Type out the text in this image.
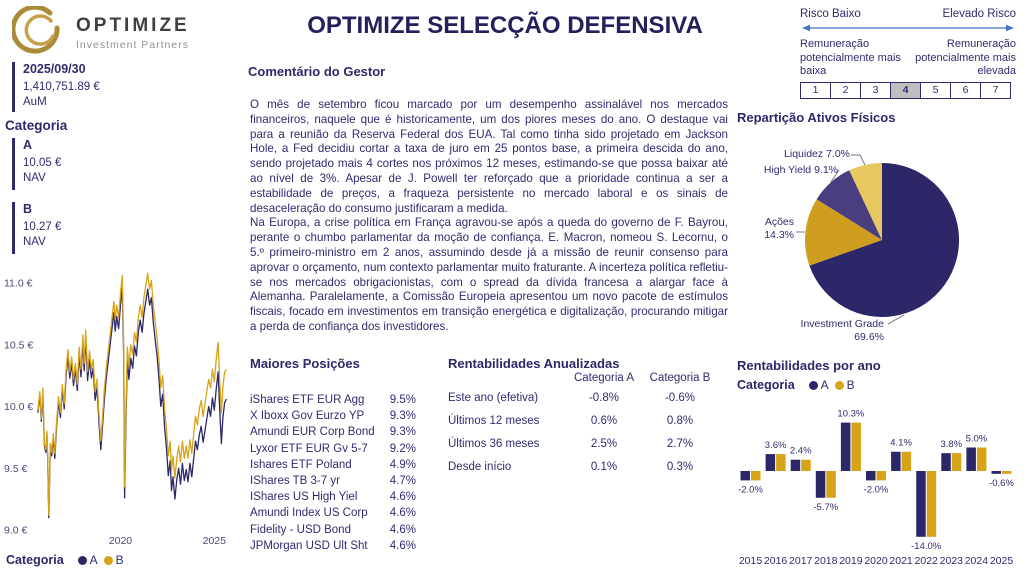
OPTIMIZE
Investment Partners
2025/09/30
1,410,751.89 €
AuM
Categoria
A
10.05 €
NAV
B
10.27 €
NAV
11.0 €
10.5 €
10.0 €
9.5 €
9.0 €
2020	2025
Categoria A B
OPTIMIZE SELECÇÃO DEFENSIVA
Comentário do Gestor

O mês de setembro ficou marcado por um desempenho assinalável nos mercados financeiros, naquele que é historicamente, um dos piores meses do ano. O destaque vai para a reunião da Reserva Federal dos EUA. Tal como tinha sido projetado em Jackson Hole, a Fed decidiu cortar a taxa de juro em 25 pontos base, a primeira descida do ano, sendo projetado mais 4 cortes nos próximos 12 meses, estimando-se que possa baixar até ao nível de 3%. Apesar de J. Powell ter reforçado que a prioridade continua a ser a estabilidade de preços, a fraqueza persistente no mercado laboral e os sinais de desaceleração do consumo justificaram a medida.

Na Europa, a crise política em França agravou-se após a queda do governo de F. Bayrou, perante o chumbo parlamentar da moção de confiança. E. Macron, nomeou S. Lecornu, o 5.º primeiro-ministro em 2 anos, assumindo desde já a missão de reunir consenso para aprovar o orçamento, num contexto parlamentar muito fraturante. A incerteza política refletiu-se nos mercados obrigacionistas, com o spread da dívida francesa a alargar face à Alemanha. Paralelamente, a Comissão Europeia apresentou um novo pacote de estímulos fiscais, focado em investimentos em transição energética e digitalização, procurando mitigar a perda de confiança dos investidores.

Maiores Posições
iShares ETF EUR Agg 9.5%
X Iboxx Gov Eurzo YP 9.3%
Amundi EUR Corp Bond 9.3%
Lyxor ETF EUR Gv 5-7 9.2%
Ishares ETF Poland	4.9%
IShares TB 3-7 yr	4.7%
IShares US High Yiel	4.6%
Amundi Index US Corp 4.6%
Fidelity - USD Bond	4.6%
JPMorgan USD Ult Sht 4.6%
Rentabilidades Anualizadas
Categoria A	Categoria B
Este ano (efetiva)	-0.8%	-0.6%
Últimos 12 meses	0.6%	0.8%
Últimos 36 meses	2.5%	2.7%
Desde início	0.1%	0.3%
Risco Baixo	Elevado Risco
Remuneração potencialmente mais baixa
Remuneração potencialmente mais elevada
1	2	3	4	5	6	7
Repartição Ativos Físicos
Liquidez 7.0%
High Yield 9.1%
Ações
14.3%
Investment Grade
69.6%
Rentabilidades por ano
Categoria A B
-2.0%
2015
3.6%
2016
2.4%
2017
-5.7%
2018
10.3%
2019
-2.0%
2020
4.1%
2021
-14.0%
2022
3.8%
2023
5.0%
2024
-0.6%
2025
